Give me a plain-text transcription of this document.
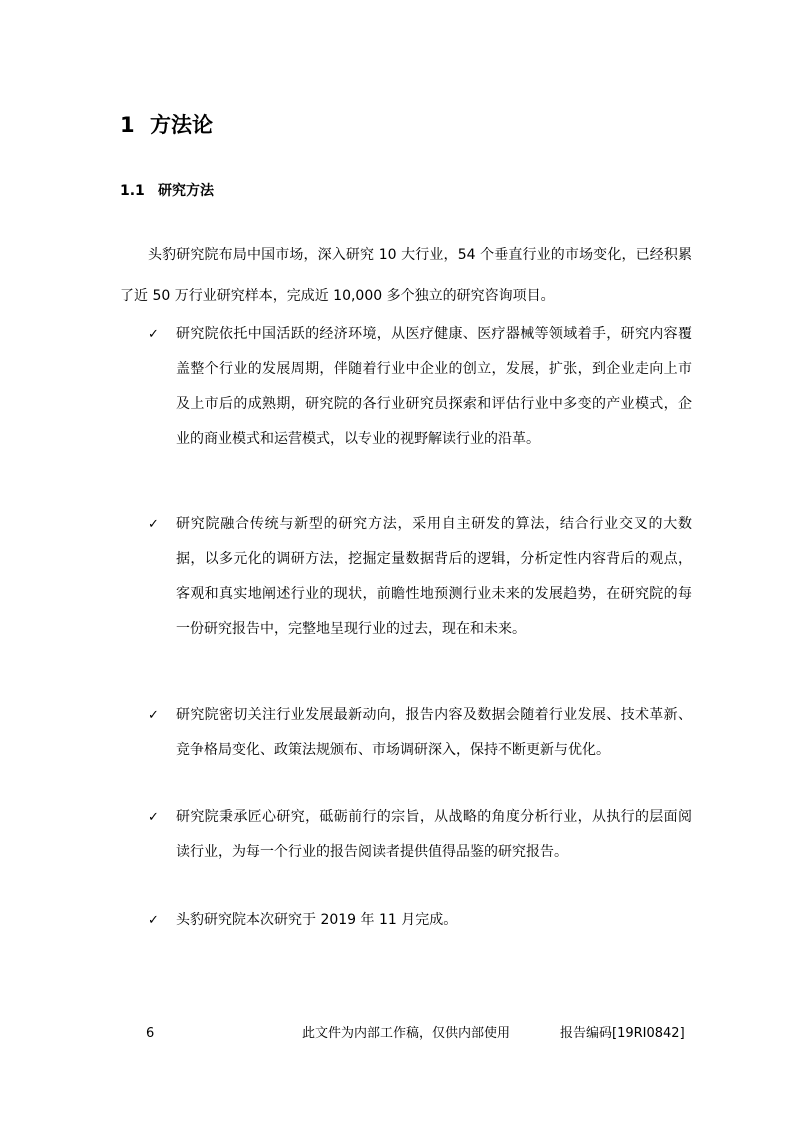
1 方法论
1.1 研究方法

头豹研究院布局中国市场，深入研究 10 大行业，54 个垂直行业的市场变化，已经积累了近 50 万行业研究样本，完成近 10,000 多个独立的研究咨询项目。

✓	研究院依托中国活跃的经济环境，从医疗健康、医疗器械等领域着手，研究内容覆盖整个行业的发展周期，伴随着行业中企业的创立，发展，扩张，到企业走向上市及上市后的成熟期，研究院的各行业研究员探索和评估行业中多变的产业模式，企业的商业模式和运营模式，以专业的视野解读行业的沿革。

✓	研究院融合传统与新型的研究方法，采用自主研发的算法，结合行业交叉的大数据，以多元化的调研方法，挖掘定量数据背后的逻辑，分析定性内容背后的观点，客观和真实地阐述行业的现状，前瞻性地预测行业未来的发展趋势，在研究院的每一份研究报告中，完整地呈现行业的过去，现在和未来。

✓	研究院密切关注行业发展最新动向，报告内容及数据会随着行业发展、技术革新、竞争格局变化、政策法规颁布、市场调研深入，保持不断更新与优化。

✓	研究院秉承匠心研究，砥砺前行的宗旨，从战略的角度分析行业，从执行的层面阅读行业，为每一个行业的报告阅读者提供值得品鉴的研究报告。

✓	头豹研究院本次研究于 2019 年 11 月完成。

6	此文件为内部工作稿，仅供内部使用	报告编码[19RI0842]
